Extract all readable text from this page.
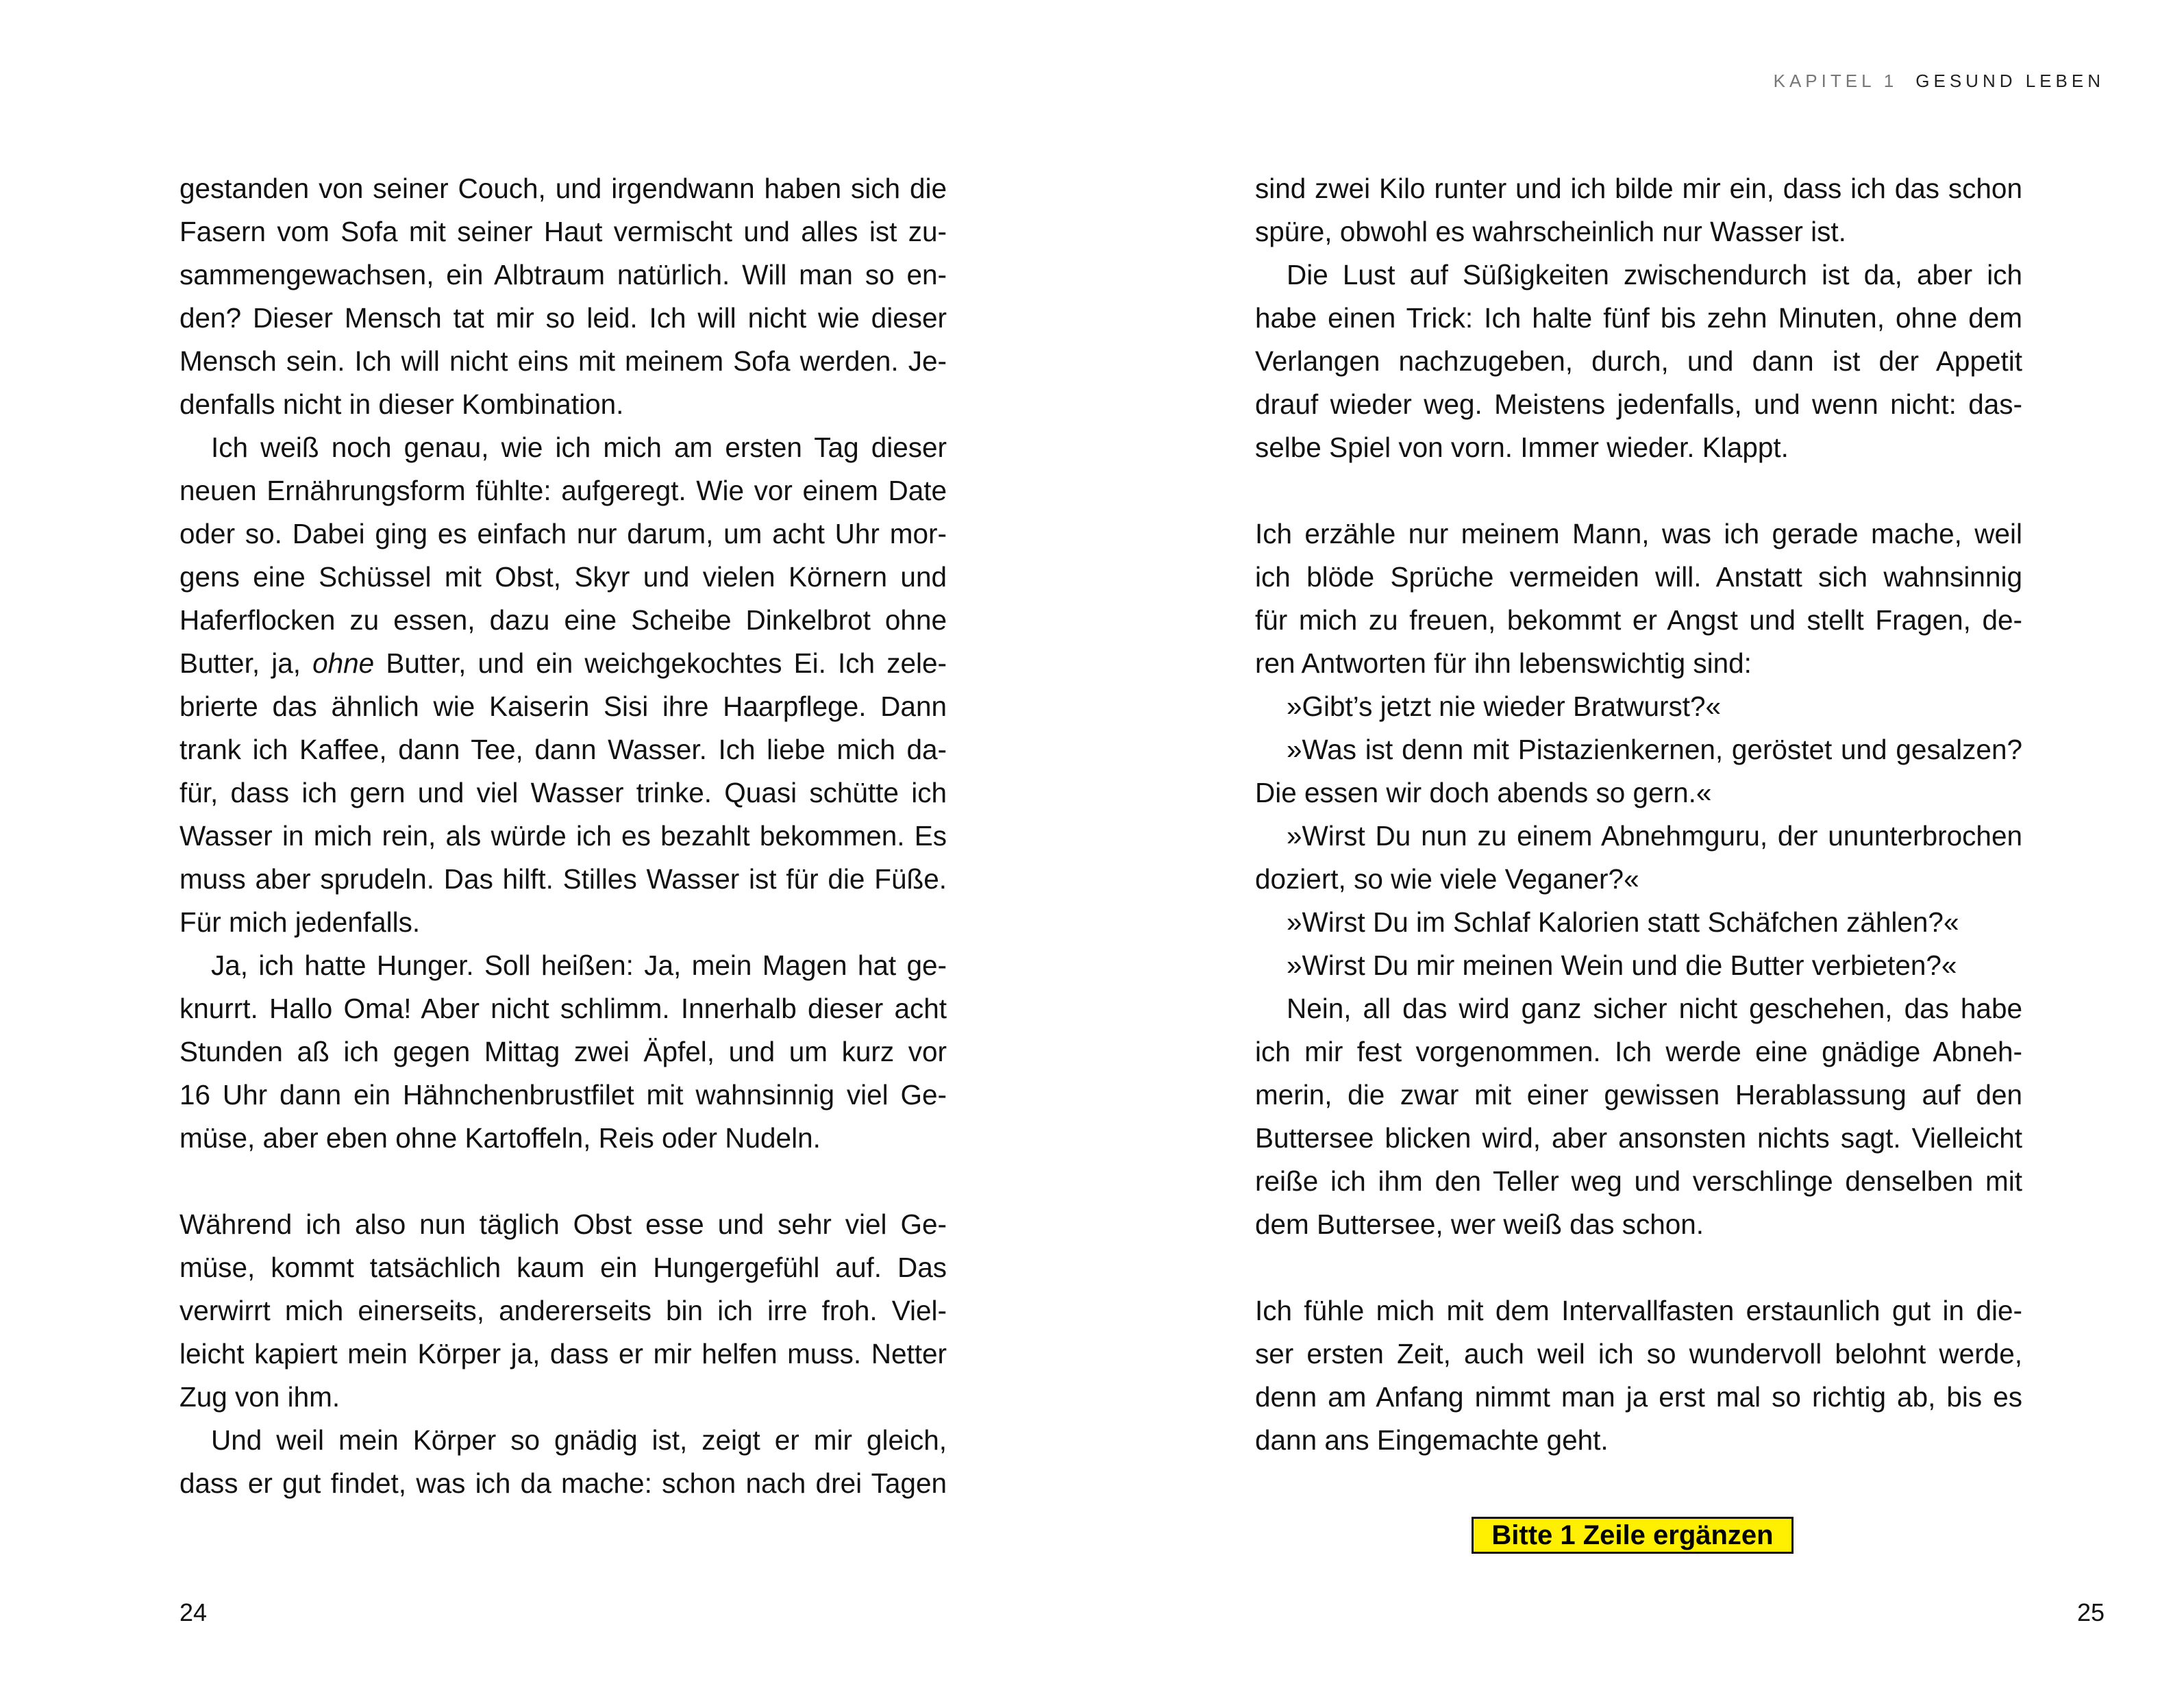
gestanden von seiner Couch, und irgendwann haben sich die
Fasern vom Sofa mit seiner Haut vermischt und alles ist zu-
sammengewachsen, ein Albtraum natürlich. Will man so en-
den? Dieser Mensch tat mir so leid. Ich will nicht wie dieser
Mensch sein. Ich will nicht eins mit meinem Sofa werden. Je-
denfalls nicht in dieser Kombination.

Ich weiß noch genau, wie ich mich am ersten Tag dieser
neuen Ernährungsform fühlte: aufgeregt. Wie vor einem Date
oder so. Dabei ging es einfach nur darum, um acht Uhr mor-
gens eine Schüssel mit Obst, Skyr und vielen Körnern und
Haferflocken zu essen, dazu eine Scheibe Dinkelbrot ohne
Butter, ja, ohne Butter, und ein weichgekochtes Ei. Ich zele-
brierte das ähnlich wie Kaiserin Sisi ihre Haarpflege. Dann
trank ich Kaffee, dann Tee, dann Wasser. Ich liebe mich da-
für, dass ich gern und viel Wasser trinke. Quasi schütte ich
Wasser in mich rein, als würde ich es bezahlt bekommen. Es
muss aber sprudeln. Das hilft. Stilles Wasser ist für die Füße.
Für mich jedenfalls.

Ja, ich hatte Hunger. Soll heißen: Ja, mein Magen hat ge-
knurrt. Hallo Oma! Aber nicht schlimm. Innerhalb dieser acht
Stunden aß ich gegen Mittag zwei Äpfel, und um kurz vor
16 Uhr dann ein Hähnchenbrustfilet mit wahnsinnig viel Ge-
müse, aber eben ohne Kartoffeln, Reis oder Nudeln.

Während ich also nun täglich Obst esse und sehr viel Ge-
müse, kommt tatsächlich kaum ein Hungergefühl auf. Das
verwirrt mich einerseits, andererseits bin ich irre froh. Viel-
leicht kapiert mein Körper ja, dass er mir helfen muss. Netter
Zug von ihm.

Und weil mein Körper so gnädig ist, zeigt er mir gleich,
dass er gut findet, was ich da mache: schon nach drei Tagen

24
KAPITEL 1 GESUND LEBEN

sind zwei Kilo runter und ich bilde mir ein, dass ich das schon
spüre, obwohl es wahrscheinlich nur Wasser ist.

Die Lust auf Süßigkeiten zwischendurch ist da, aber ich
habe einen Trick: Ich halte fünf bis zehn Minuten, ohne dem
Verlangen nachzugeben, durch, und dann ist der Appetit
drauf wieder weg. Meistens jedenfalls, und wenn nicht: das-
selbe Spiel von vorn. Immer wieder. Klappt.

Ich erzähle nur meinem Mann, was ich gerade mache, weil
ich blöde Sprüche vermeiden will. Anstatt sich wahnsinnig
für mich zu freuen, bekommt er Angst und stellt Fragen, de-
ren Antworten für ihn lebenswichtig sind:

»Gibt’s jetzt nie wieder Bratwurst?«

»Was ist denn mit Pistazienkernen, geröstet und gesalzen?
Die essen wir doch abends so gern.«

»Wirst Du nun zu einem Abnehmguru, der ununterbrochen
doziert, so wie viele Veganer?«

»Wirst Du im Schlaf Kalorien statt Schäfchen zählen?«

»Wirst Du mir meinen Wein und die Butter verbieten?«

Nein, all das wird ganz sicher nicht geschehen, das habe
ich mir fest vorgenommen. Ich werde eine gnädige Abneh-
merin, die zwar mit einer gewissen Herablassung auf den
Buttersee blicken wird, aber ansonsten nichts sagt. Vielleicht
reiße ich ihm den Teller weg und verschlinge denselben mit
dem Buttersee, wer weiß das schon.

Ich fühle mich mit dem Intervallfasten erstaunlich gut in die-
ser ersten Zeit, auch weil ich so wundervoll belohnt werde,
denn am Anfang nimmt man ja erst mal so richtig ab, bis es
dann ans Eingemachte geht.

Bitte 1 Zeile ergänzen
25
